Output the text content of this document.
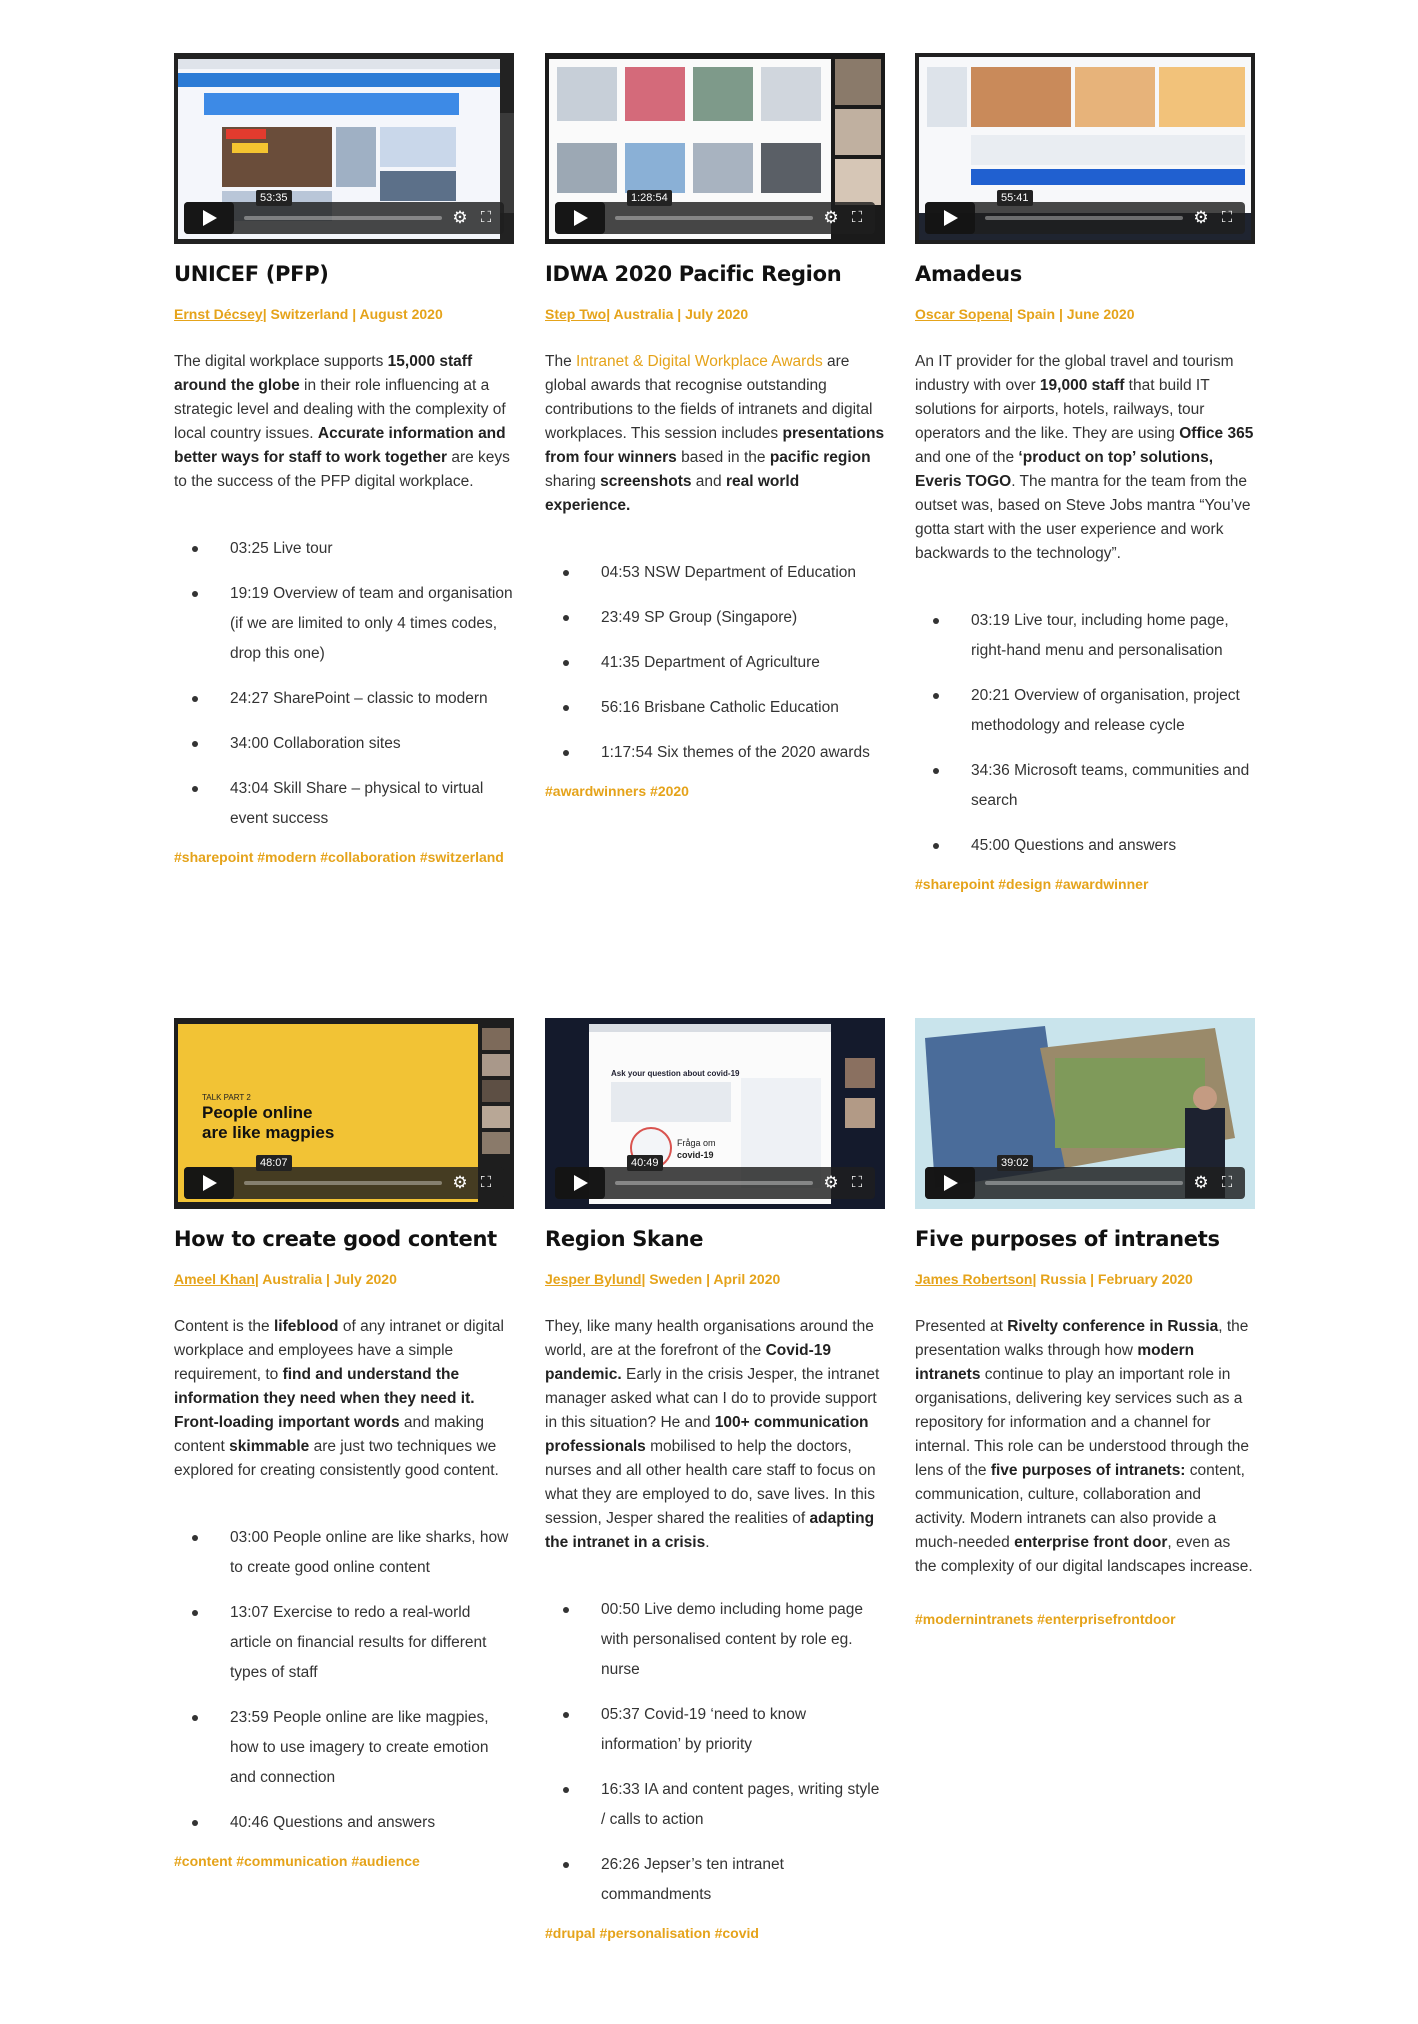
53:35
⚙ ⛶
UNICEF (PFP)
Ernst Décsey| Switzerland | August 2020

The digital workplace supports 15,000 staff around the globe in their role influencing at a strategic level and dealing with the complexity of local country issues. Accurate information and better ways for staff to work together are keys to the success of the PFP digital workplace.

03:25 Live tour
19:19 Overview of team and organisation (if we are limited to only 4 times codes, drop this one)
24:27 SharePoint – classic to modern
34:00 Collaboration sites
43:04 Skill Share – physical to virtual event success
#sharepoint #modern #collaboration #switzerland
1:28:54
⚙ ⛶
IDWA 2020 Pacific Region
Step Two| Australia | July 2020

The Intranet & Digital Workplace Awards are global awards that recognise outstanding contributions to the fields of intranets and digital workplaces. This session includes presentations from four winners based in the pacific region sharing screenshots and real world experience.

04:53 NSW Department of Education
23:49 SP Group (Singapore)
41:35 Department of Agriculture
56:16 Brisbane Catholic Education
1:17:54 Six themes of the 2020 awards
#awardwinners #2020
55:41
⚙ ⛶
Amadeus
Oscar Sopena| Spain | June 2020

An IT provider for the global travel and tourism industry with over 19,000 staff that build IT solutions for airports, hotels, railways, tour operators and the like. They are using Office 365 and one of the ‘product on top’ solutions, Everis TOGO. The mantra for the team from the outset was, based on Steve Jobs mantra “You’ve gotta start with the user experience and work backwards to the technology”.

03:19 Live tour, including home page, right-hand menu and personalisation
20:21 Overview of organisation, project methodology and release cycle
34:36 Microsoft teams, communities and search
45:00 Questions and answers
#sharepoint #design #awardwinner
TALK PART 2
People online
are like magpies
48:07
⚙ ⛶
How to create good content
Ameel Khan| Australia | July 2020

Content is the lifeblood of any intranet or digital workplace and employees have a simple requirement, to find and understand the information they need when they need it. Front-loading important words and making content skimmable are just two techniques we explored for creating consistently good content.

03:00 People online are like sharks, how to create good online content
13:07 Exercise to redo a real-world article on financial results for different types of staff
23:59 People online are like magpies, how to use imagery to create emotion and connection
40:46 Questions and answers
#content #communication #audience
Ask your question about covid-19
Fråga om
covid-19
40:49
⚙ ⛶
Region Skane
Jesper Bylund| Sweden | April 2020

They, like many health organisations around the world, are at the forefront of the Covid-19 pandemic. Early in the crisis Jesper, the intranet manager asked what can I do to provide support in this situation? He and 100+ communication professionals mobilised to help the doctors, nurses and all other health care staff to focus on what they are employed to do, save lives. In this session, Jesper shared the realities of adapting the intranet in a crisis.

00:50 Live demo including home page with personalised content by role eg. nurse
05:37 Covid-19 ‘need to know information’ by priority
16:33 IA and content pages, writing style / calls to action
26:26 Jepser’s ten intranet commandments
#drupal #personalisation #covid
39:02
⚙ ⛶
Five purposes of intranets
James Robertson| Russia | February 2020

Presented at Rivelty conference in Russia, the presentation walks through how modern intranets continue to play an important role in organisations, delivering key services such as a repository for information and a channel for internal. This role can be understood through the lens of the five purposes of intranets: content, communication, culture, collaboration and activity. Modern intranets can also provide a much-needed enterprise front door, even as the complexity of our digital landscapes increase.

#modernintranets #enterprisefrontdoor
